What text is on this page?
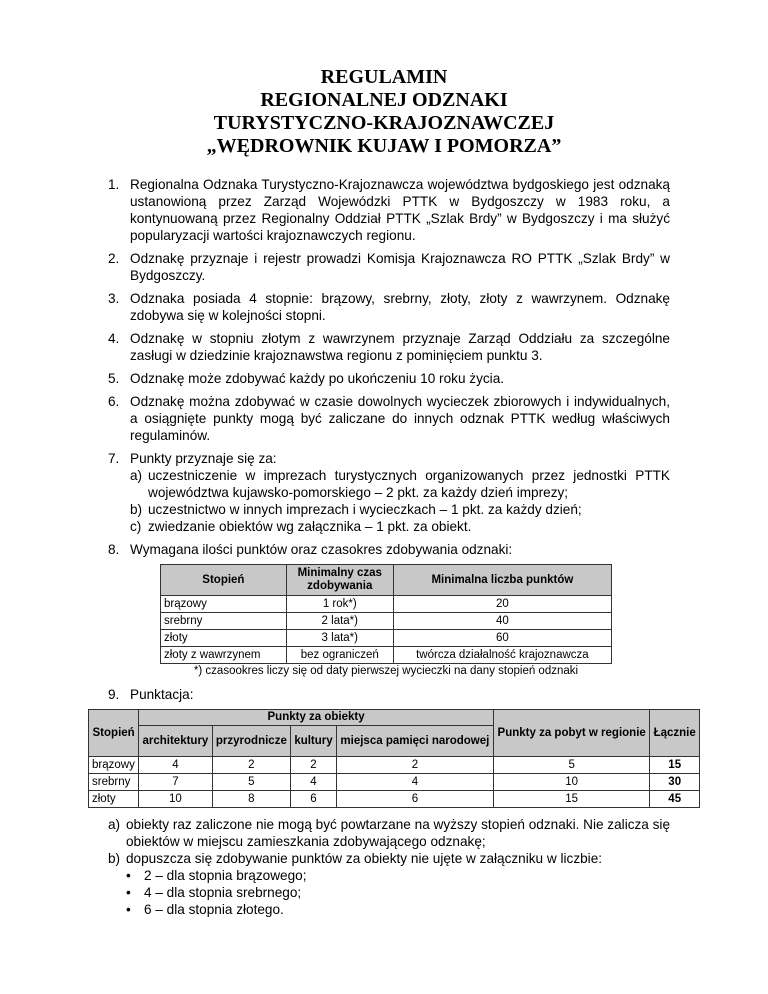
REGULAMIN
REGIONALNEJ ODZNAKI
TURYSTYCZNO-KRAJOZNAWCZEJ
„WĘDROWNIK KUJAW I POMORZA”
1. Regionalna Odznaka Turystyczno-Krajoznawcza województwa bydgoskiego jest odznaką ustanowioną przez Zarząd Wojewódzki PTTK w Bydgoszczy w 1983 roku, a kontynuowaną przez Regionalny Oddział PTTK „Szlak Brdy” w Bydgoszczy i ma służyć popularyzacji wartości krajoznawczych regionu.
2. Odznakę przyznaje i rejestr prowadzi Komisja Krajoznawcza RO PTTK „Szlak Brdy” w Bydgoszczy.
3. Odznaka posiada 4 stopnie: brązowy, srebrny, złoty, złoty z wawrzynem. Odznakę zdobywa się w kolejności stopni.
4. Odznakę w stopniu złotym z wawrzynem przyznaje Zarząd Oddziału za szczególne zasługi w dziedzinie krajoznawstwa regionu z pominięciem punktu 3.
5. Odznakę może zdobywać każdy po ukończeniu 10 roku życia.
6. Odznakę można zdobywać w czasie dowolnych wycieczek zbiorowych i indywidualnych, a osiągnięte punkty mogą być zaliczane do innych odznak PTTK według właściwych regulaminów.
7. Punkty przyznaje się za:
a) uczestniczenie w imprezach turystycznych organizowanych przez jednostki PTTK województwa kujawsko-pomorskiego – 2 pkt. za każdy dzień imprezy;
b) uczestnictwo w innych imprezach i wycieczkach – 1 pkt. za każdy dzień;
c) zwiedzanie obiektów wg załącznika – 1 pkt. za obiekt.
8. Wymagana ilości punktów oraz czasokres zdobywania odznaki:
Stopień	Minimalny czas zdobywania	Minimalna liczba punktów
brązowy	1 rok*)	20
srebrny	2 lata*)	40
złoty	3 lata*)	60
złoty z wawrzynem	bez ograniczeń	twórcza działalność krajoznawcza
*) czasookres liczy się od daty pierwszej wycieczki na dany stopień odznaki
9. Punktacja:
Stopień	Punkty za obiekty				Punkty za pobyt w regionie	Łącznie
	architektury	przyrodnicze	kultury	miejsca pamięci narodowej		
brązowy	4	2	2	2	5	15
srebrny	7	5	4	4	10	30
złoty	10	8	6	6	15	45
a) obiekty raz zaliczone nie mogą być powtarzane na wyższy stopień odznaki. Nie zalicza się obiektów w miejscu zamieszkania zdobywającego odznakę;
b) dopuszcza się zdobywanie punktów za obiekty nie ujęte w załączniku w liczbie:
• 2 – dla stopnia brązowego;
• 4 – dla stopnia srebrnego;
• 6 – dla stopnia złotego.
